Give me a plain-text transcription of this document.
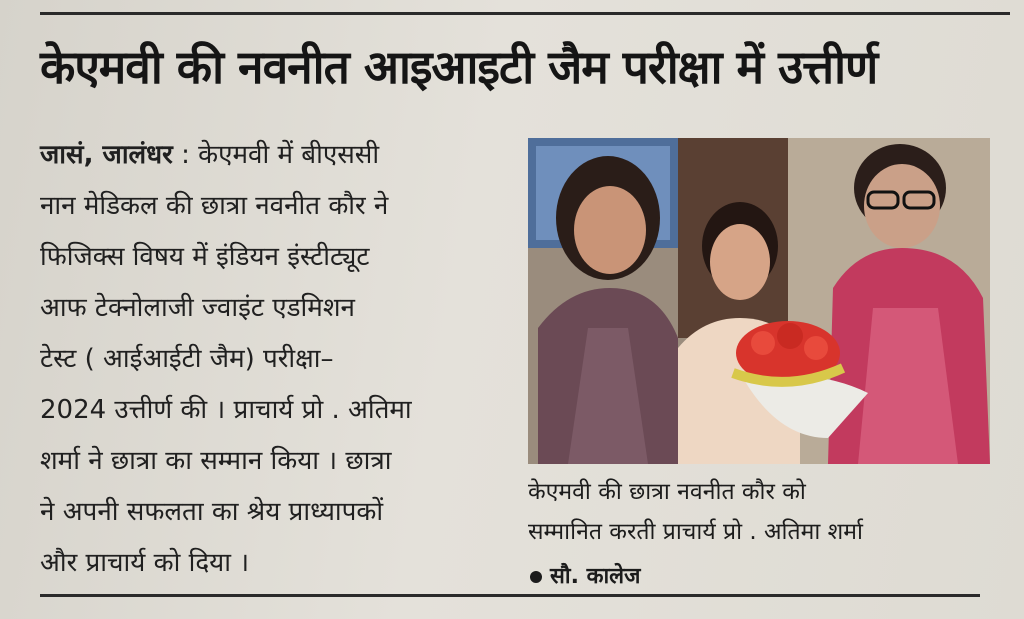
केएमवी की नवनीत आइआइटी जैम परीक्षा में उत्तीर्ण
जासं, जालंधर : केएमवी में बीएससी
नान मेडिकल की छात्रा नवनीत कौर ने
फिजिक्स विषय में इंडियन इंस्टीट्यूट
आफ टेक्नोलाजी ज्वाइंट एडमिशन
टेस्ट ( आईआईटी जैम) परीक्षा–
2024 उत्तीर्ण की । प्राचार्य प्रो . अतिमा
शर्मा ने छात्रा का सम्मान किया । छात्रा
ने अपनी सफलता का श्रेय प्राध्यापकों
और प्राचार्य को दिया ।
केएमवी की छात्रा नवनीत कौर को
सम्मानित करती प्राचार्य प्रो . अतिमा शर्मा
सौ. कालेज
